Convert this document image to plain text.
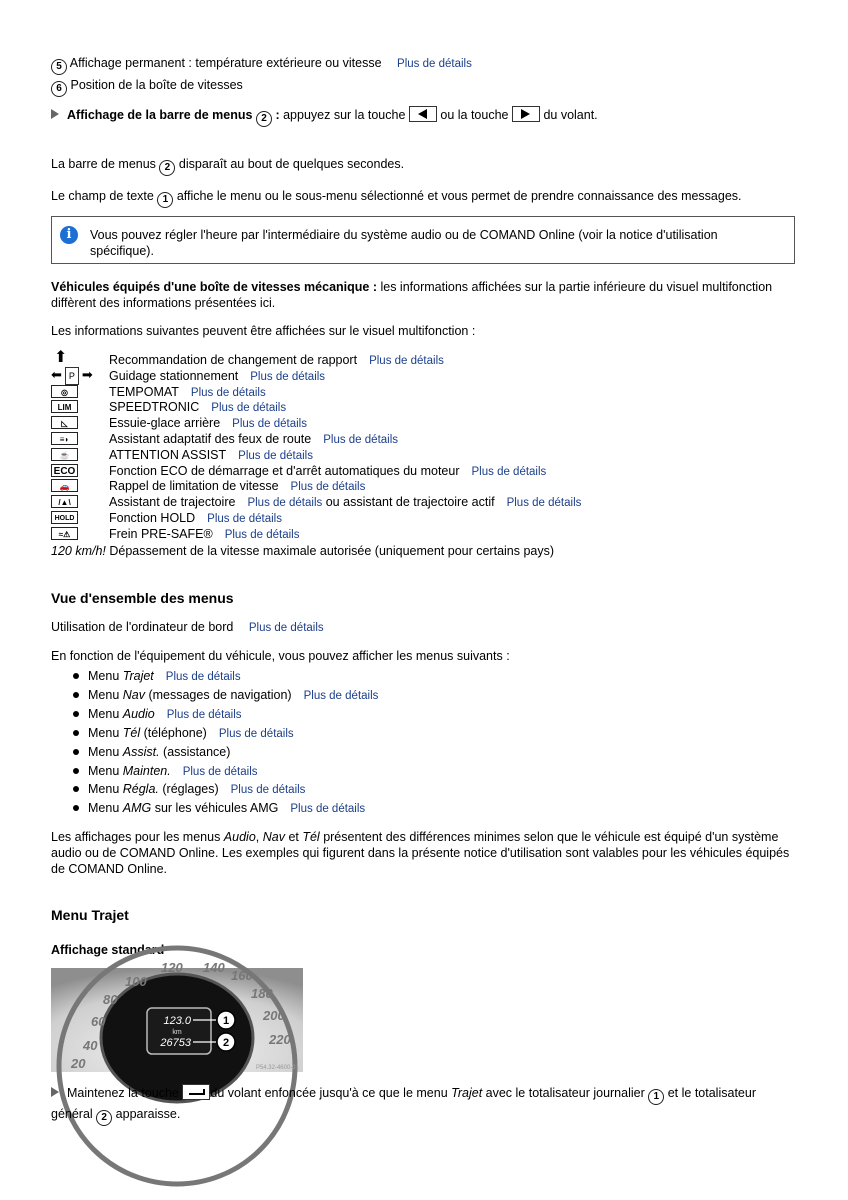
5 Affichage permanent : température extérieure ou vitesse Plus de détails
6 Position de la boîte de vitesses
Affichage de la barre de menus 2 : appuyez sur la touche	ou la touche	du volant.
La barre de menus 2 disparaît au bout de quelques secondes.
Le champ de texte 1 affiche le menu ou le sous-menu sélectionné et vous permet de prendre connaissance des messages.
i	Vous pouvez régler l'heure par l'intermédiaire du système audio ou de COMAND Online (voir la notice d'utilisation spécifique).
Véhicules équipés d'une boîte de vitesses mécanique : les informations affichées sur la partie inférieure du visuel multifonction diffèrent des informations présentées ici.
Les informations suivantes peuvent être affichées sur le visuel multifonction :
⬆	Recommandation de changement de rapport Plus de détails
⬅ P ➡ Guidage stationnement Plus de détails
◎	TEMPOMAT Plus de détails
LIM	SPEEDTRONIC Plus de détails
◺	Essuie-glace arrière Plus de détails
≡◗	Assistant adaptatif des feux de route Plus de détails
☕	ATTENTION ASSIST Plus de détails
ECO	Fonction ECO de démarrage et d'arrêt automatiques du moteur Plus de détails
🚗	Rappel de limitation de vitesse Plus de détails
/▲\	Assistant de trajectoire Plus de détails ou assistant de trajectoire actif Plus de détails
HOLD	Fonction HOLD Plus de détails
≈⚠	Frein PRE-SAFE® Plus de détails
120 km/h! Dépassement de la vitesse maximale autorisée (uniquement pour certains pays)
Vue d'ensemble des menus
Utilisation de l'ordinateur de bord Plus de détails
En fonction de l'équipement du véhicule, vous pouvez afficher les menus suivants :
Menu Trajet Plus de détails
Menu Nav (messages de navigation) Plus de détails
Menu Audio Plus de détails
Menu Tél (téléphone) Plus de détails
Menu Assist. (assistance)
Menu Mainten. Plus de détails
Menu Régla. (réglages) Plus de détails
Menu AMG sur les véhicules AMG Plus de détails
Les affichages pour les menus Audio, Nav et Tél présentent des différences minimes selon que le véhicule est équipé d'un système audio ou de COMAND Online. Les exemples qui figurent dans la présente notice d'utilisation sont valables pour les véhicules équipés de COMAND Online.
Menu Trajet
Affichage standard
20
40
60
80
100
120 140
160
180
200
220
123.0
km
26753
1
2
P54.32-4600-31
Maintenez la touche	du volant enfoncée jusqu'à ce que le menu Trajet avec le totalisateur journalier 1 et le totalisateur général 2 apparaisse.
